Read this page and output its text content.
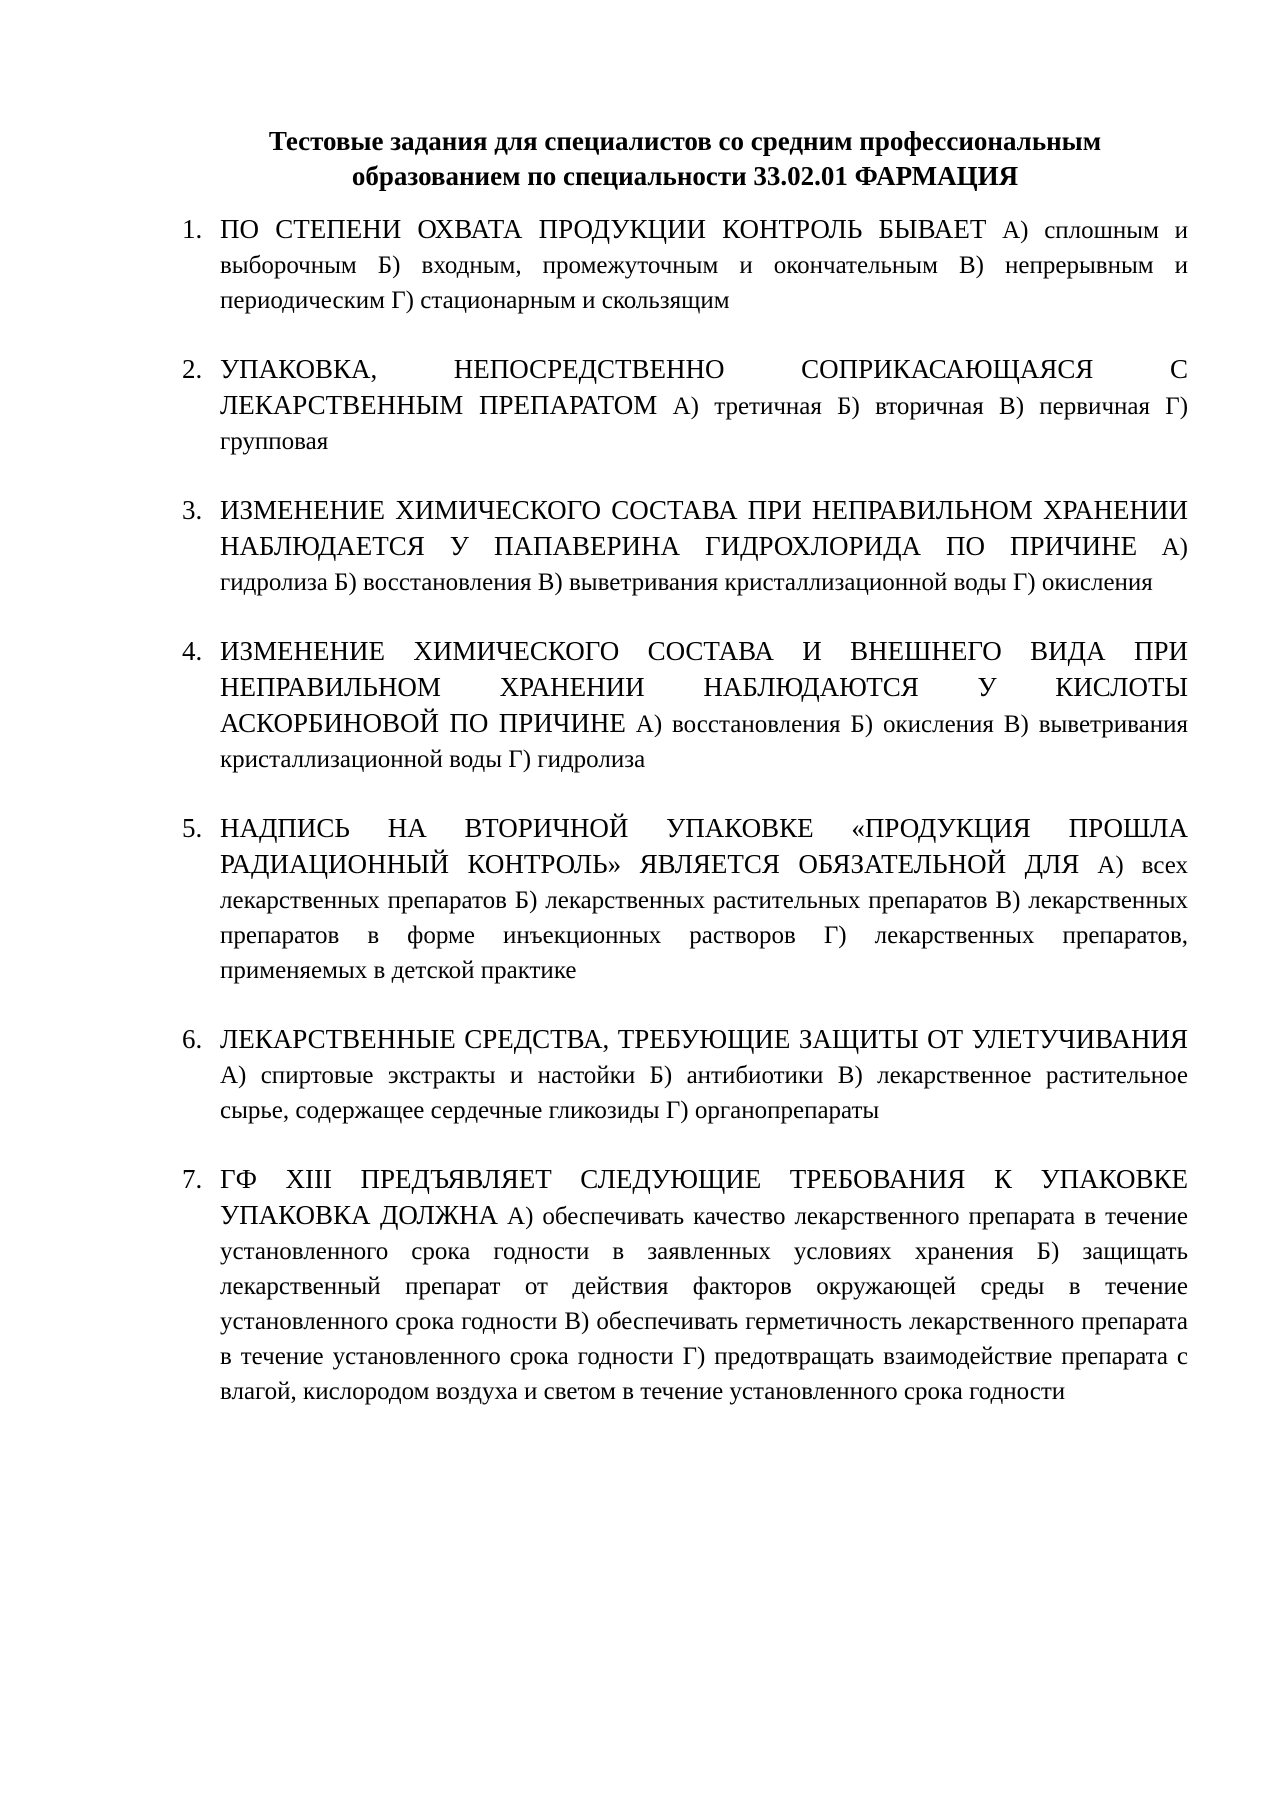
Тестовые задания для специалистов со средним профессиональным
образованием по специальности 33.02.01 ФАРМАЦИЯ
1. ПО СТЕПЕНИ ОХВАТА ПРОДУКЦИИ КОНТРОЛЬ БЫВАЕТ А) сплошным и выборочным Б) входным, промежуточным и окончательным В) непрерывным и периодическим Г) стационарным и скользящим
2. УПАКОВКА, НЕПОСРЕДСТВЕННО СОПРИКАСАЮЩАЯСЯ С ЛЕКАРСТВЕННЫМ ПРЕПАРАТОМ А) третичная Б) вторичная В) первичная Г) групповая
3. ИЗМЕНЕНИЕ ХИМИЧЕСКОГО СОСТАВА ПРИ НЕПРАВИЛЬНОМ ХРАНЕНИИ НАБЛЮДАЕТСЯ У ПАПАВЕРИНА ГИДРОХЛОРИДА ПО ПРИЧИНЕ А) гидролиза Б) восстановления В) выветривания кристаллизационной воды Г) окисления
4. ИЗМЕНЕНИЕ ХИМИЧЕСКОГО СОСТАВА И ВНЕШНЕГО ВИДА ПРИ НЕПРАВИЛЬНОМ ХРАНЕНИИ НАБЛЮДАЮТСЯ У КИСЛОТЫ АСКОРБИНОВОЙ ПО ПРИЧИНЕ А) восстановления Б) окисления В) выветривания кристаллизационной воды Г) гидролиза
5. НАДПИСЬ НА ВТОРИЧНОЙ УПАКОВКЕ «ПРОДУКЦИЯ ПРОШЛА РАДИАЦИОННЫЙ КОНТРОЛЬ» ЯВЛЯЕТСЯ ОБЯЗАТЕЛЬНОЙ ДЛЯ А) всех лекарственных препаратов Б) лекарственных растительных препаратов В) лекарственных препаратов в форме инъекционных растворов Г) лекарственных препаратов, применяемых в детской практике
6. ЛЕКАРСТВЕННЫЕ СРЕДСТВА, ТРЕБУЮЩИЕ ЗАЩИТЫ ОТ УЛЕТУЧИВАНИЯ А) спиртовые экстракты и настойки Б) антибиотики В) лекарственное растительное сырье, содержащее сердечные гликозиды Г) органопрепараты
7. ГФ XIII ПРЕДЪЯВЛЯЕТ СЛЕДУЮЩИЕ ТРЕБОВАНИЯ К УПАКОВКЕ УПАКОВКА ДОЛЖНА А) обеспечивать качество лекарственного препарата в течение установленного срока годности в заявленных условиях хранения Б) защищать лекарственный препарат от действия факторов окружающей среды в течение установленного срока годности В) обеспечивать герметичность лекарственного препарата в течение установленного срока годности Г) предотвращать взаимодействие препарата с влагой, кислородом воздуха и светом в течение установленного срока годности
